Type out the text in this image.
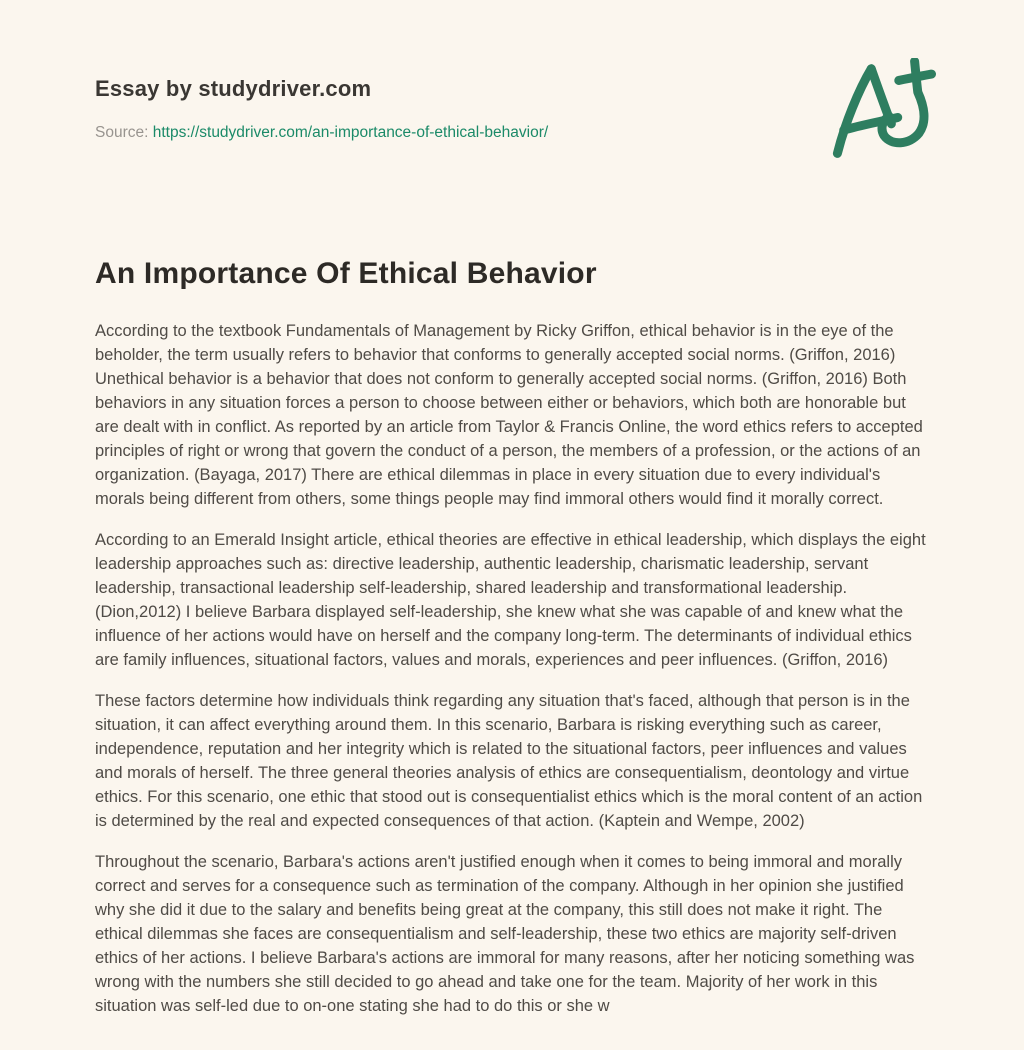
Essay by studydriver.com

Source: https://studydriver.com/an-importance-of-ethical-behavior/

An Importance Of Ethical Behavior

According to the textbook Fundamentals of Management by Ricky Griffon, ethical behavior is in the eye of the beholder, the term usually refers to behavior that conforms to generally accepted social norms. (Griffon, 2016) Unethical behavior is a behavior that does not conform to generally accepted social norms. (Griffon, 2016) Both behaviors in any situation forces a person to choose between either or behaviors, which both are honorable but are dealt with in conflict. As reported by an article from Taylor & Francis Online, the word ethics refers to accepted principles of right or wrong that govern the conduct of a person, the members of a profession, or the actions of an organization. (Bayaga, 2017) There are ethical dilemmas in place in every situation due to every individual's morals being different from others, some things people may find immoral others would find it morally correct.

According to an Emerald Insight article, ethical theories are effective in ethical leadership, which displays the eight leadership approaches such as: directive leadership, authentic leadership, charismatic leadership, servant leadership, transactional leadership self-leadership, shared leadership and transformational leadership. (Dion,2012) I believe Barbara displayed self-leadership, she knew what she was capable of and knew what the influence of her actions would have on herself and the company long-term. The determinants of individual ethics are family influences, situational factors, values and morals, experiences and peer influences. (Griffon, 2016)

These factors determine how individuals think regarding any situation that's faced, although that person is in the situation, it can affect everything around them. In this scenario, Barbara is risking everything such as career, independence, reputation and her integrity which is related to the situational factors, peer influences and values and morals of herself. The three general theories analysis of ethics are consequentialism, deontology and virtue ethics. For this scenario, one ethic that stood out is consequentialist ethics which is the moral content of an action is determined by the real and expected consequences of that action. (Kaptein and Wempe, 2002)

Throughout the scenario, Barbara's actions aren't justified enough when it comes to being immoral and morally correct and serves for a consequence such as termination of the company. Although in her opinion she justified why she did it due to the salary and benefits being great at the company, this still does not make it right. The ethical dilemmas she faces are consequentialism and self-leadership, these two ethics are majority self-driven ethics of her actions. I believe Barbara's actions are immoral for many reasons, after her noticing something was wrong with the numbers she still decided to go ahead and take one for the team. Majority of her work in this situation was self-led due to on-one stating she had to do this or she w
